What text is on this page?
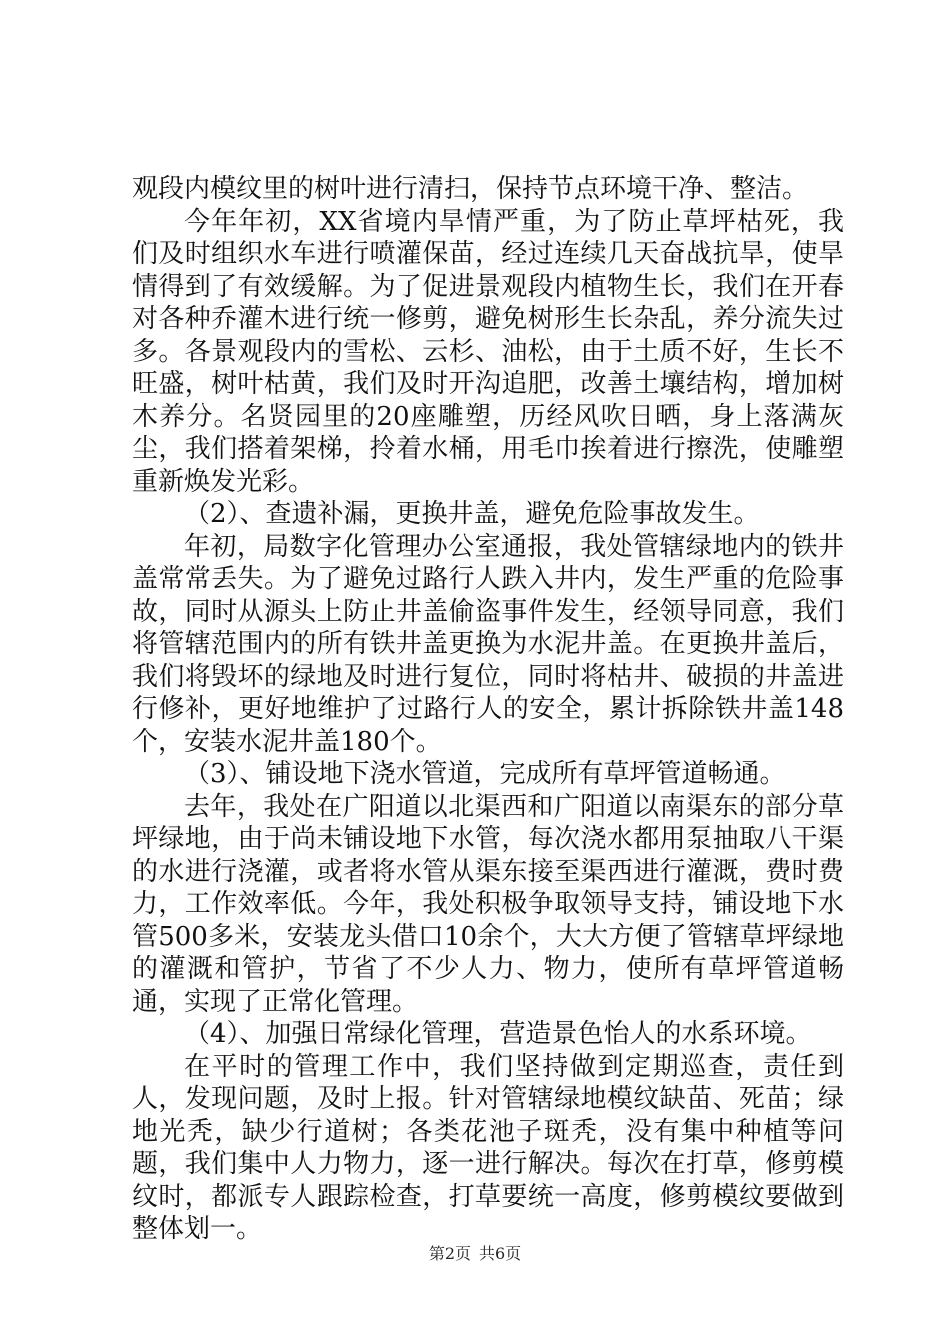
观段内模纹里的树叶进行清扫，保持节点环境干净、整洁。

今年年初，XX省境内旱情严重，为了防止草坪枯死，我们及时组织水车进行喷灌保苗，经过连续几天奋战抗旱，使旱情得到了有效缓解。为了促进景观段内植物生长，我们在开春对各种乔灌木进行统一修剪，避免树形生长杂乱，养分流失过多。各景观段内的雪松、云杉、油松，由于土质不好，生长不旺盛，树叶枯黄，我们及时开沟追肥，改善土壤结构，增加树木养分。名贤园里的20座雕塑，历经风吹日晒，身上落满灰尘，我们搭着架梯，拎着水桶，用毛巾挨着进行擦洗，使雕塑重新焕发光彩。

（2）、查遗补漏，更换井盖，避免危险事故发生。

年初，局数字化管理办公室通报，我处管辖绿地内的铁井盖常常丢失。为了避免过路行人跌入井内，发生严重的危险事故，同时从源头上防止井盖偷盗事件发生，经领导同意，我们将管辖范围内的所有铁井盖更换为水泥井盖。在更换井盖后，我们将毁坏的绿地及时进行复位，同时将枯井、破损的井盖进行修补，更好地维护了过路行人的安全，累计拆除铁井盖148个，安装水泥井盖180个。

（3）、铺设地下浇水管道，完成所有草坪管道畅通。

去年，我处在广阳道以北渠西和广阳道以南渠东的部分草坪绿地，由于尚未铺设地下水管，每次浇水都用泵抽取八干渠的水进行浇灌，或者将水管从渠东接至渠西进行灌溉，费时费力，工作效率低。今年，我处积极争取领导支持，铺设地下水管500多米，安装龙头借口10余个，大大方便了管辖草坪绿地的灌溉和管护，节省了不少人力、物力，使所有草坪管道畅通，实现了正常化管理。

（4）、加强日常绿化管理，营造景色怡人的水系环境。

在平时的管理工作中，我们坚持做到定期巡查，责任到人，发现问题，及时上报。针对管辖绿地模纹缺苗、死苗；绿地光秃，缺少行道树；各类花池子斑秃，没有集中种植等问题，我们集中人力物力，逐一进行解决。每次在打草，修剪模纹时，都派专人跟踪检查，打草要统一高度，修剪模纹要做到整体划一。

第2页 共6页
